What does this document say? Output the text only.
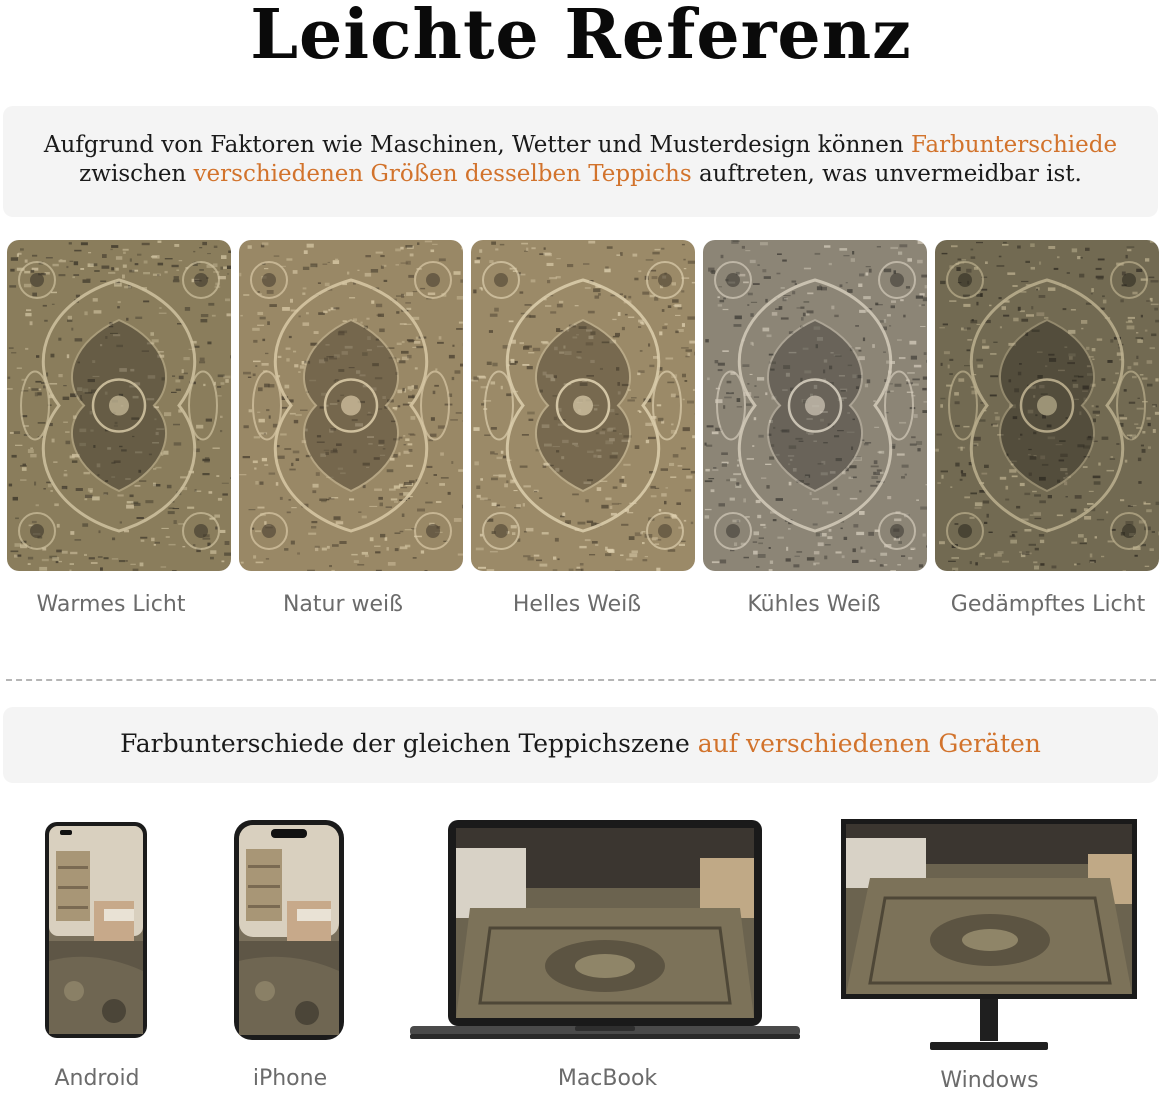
Leichte Referenz

Aufgrund von Faktoren wie Maschinen, Wetter und Musterdesign können Farbunterschiede

zwischen verschiedenen Größen desselben Teppichs auftreten, was unvermeidbar ist.

Warmes Licht	Natur weiß	Helles Weiß	Kühles Weiß	Gedämpftes Licht

Farbunterschiede der gleichen Teppichszene auf verschiedenen Geräten

Android	iPhone	MacBook	Windows
